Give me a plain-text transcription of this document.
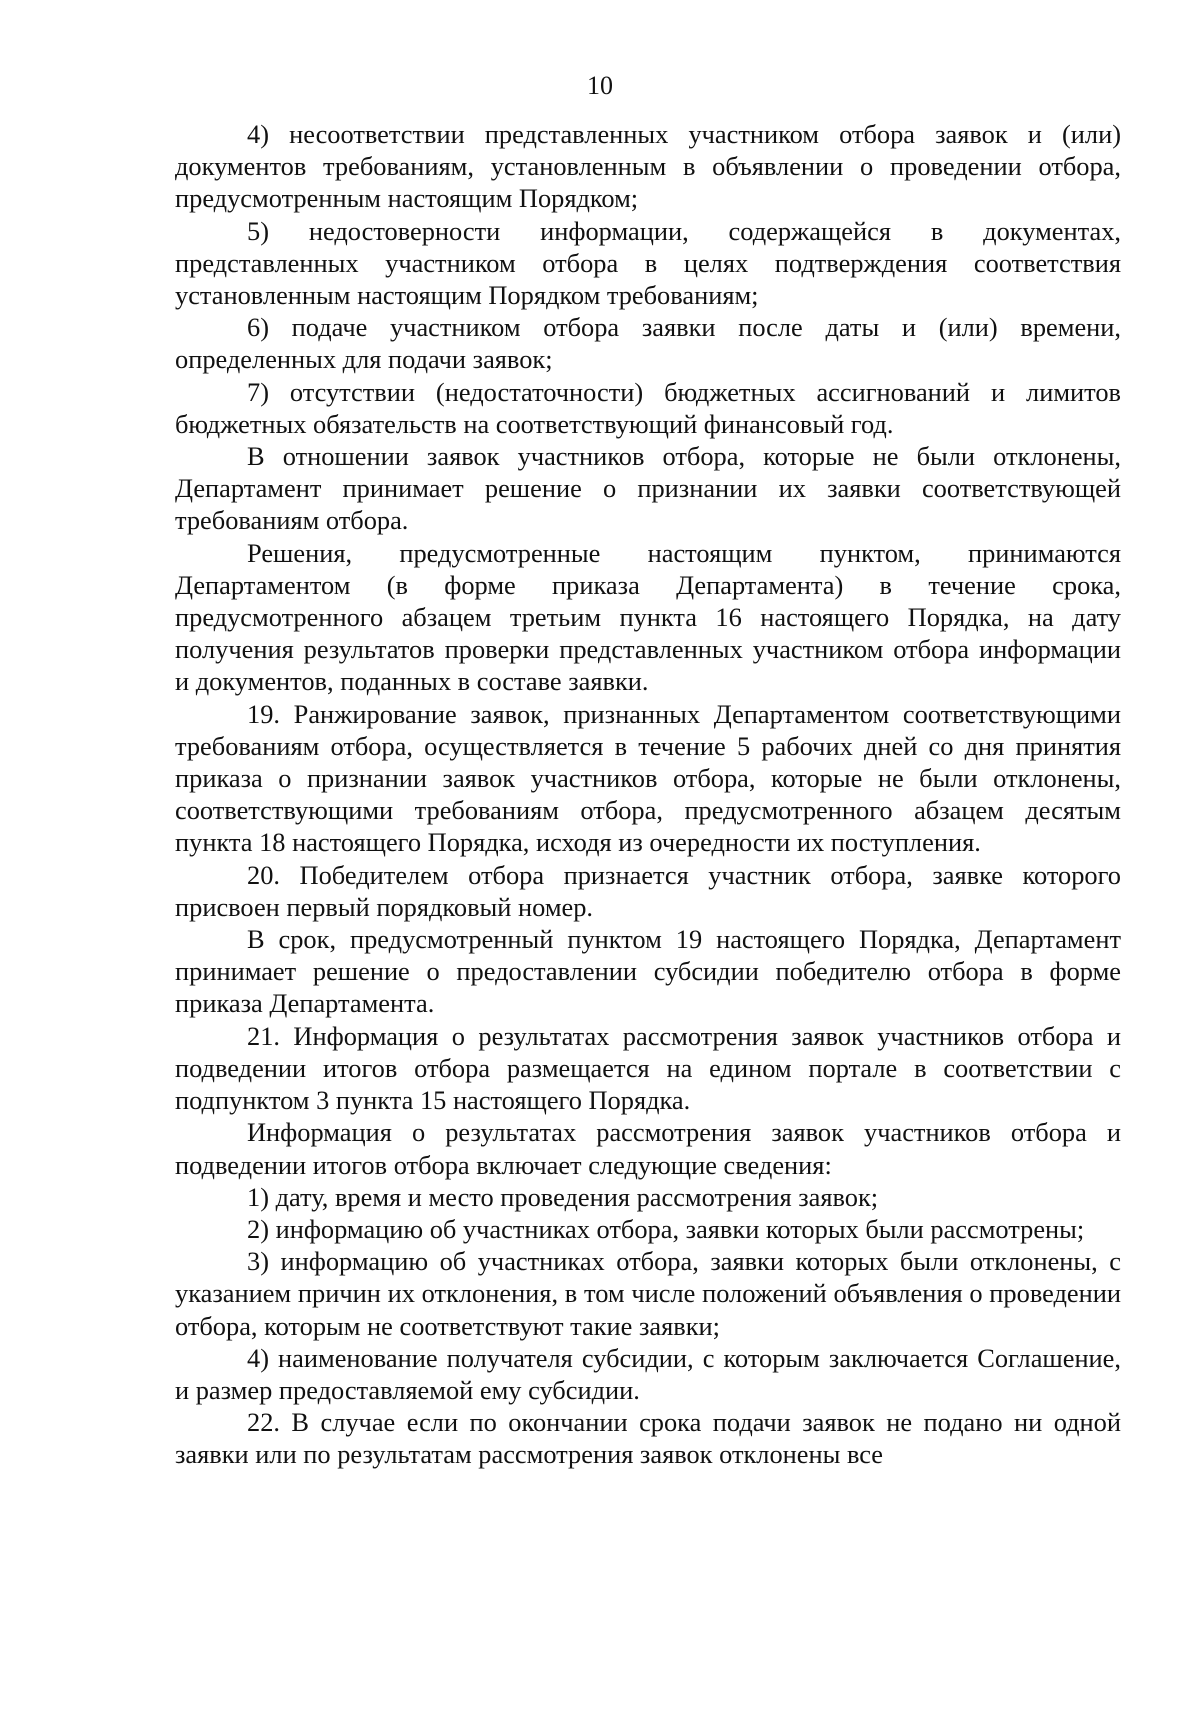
10

4) несоответствии представленных участником отбора заявок и (или) документов требованиям, установленным в объявлении о проведении отбора, предусмотренным настоящим Порядком;

5) недостоверности информации, содержащейся в документах, представленных участником отбора в целях подтверждения соответствия установленным настоящим Порядком требованиям;

6) подаче участником отбора заявки после даты и (или) времени, определенных для подачи заявок;

7) отсутствии (недостаточности) бюджетных ассигнований и лимитов бюджетных обязательств на соответствующий финансовый год.

В отношении заявок участников отбора, которые не были отклонены, Департамент принимает решение о признании их заявки соответствующей требованиям отбора.

Решения, предусмотренные настоящим пунктом, принимаются Департаментом (в форме приказа Департамента) в течение срока, предусмотренного абзацем третьим пункта 16 настоящего Порядка, на дату получения результатов проверки представленных участником отбора информации и документов, поданных в составе заявки.

19. Ранжирование заявок, признанных Департаментом соответствующими требованиям отбора, осуществляется в течение 5 рабочих дней со дня принятия приказа о признании заявок участников отбора, которые не были отклонены, соответствующими требованиям отбора, предусмотренного абзацем десятым пункта 18 настоящего Порядка, исходя из очередности их поступления.

20. Победителем отбора признается участник отбора, заявке которого присвоен первый порядковый номер.

В срок, предусмотренный пунктом 19 настоящего Порядка, Департамент принимает решение о предоставлении субсидии победителю отбора в форме приказа Департамента.

21. Информация о результатах рассмотрения заявок участников отбора и подведении итогов отбора размещается на едином портале в соответствии с подпунктом 3 пункта 15 настоящего Порядка.

Информация о результатах рассмотрения заявок участников отбора и подведении итогов отбора включает следующие сведения:

1) дату, время и место проведения рассмотрения заявок;

2) информацию об участниках отбора, заявки которых были рассмотрены;

3) информацию об участниках отбора, заявки которых были отклонены, с указанием причин их отклонения, в том числе положений объявления о проведении отбора, которым не соответствуют такие заявки;

4) наименование получателя субсидии, с которым заключается Соглашение, и размер предоставляемой ему субсидии.

22. В случае если по окончании срока подачи заявок не подано ни одной заявки или по результатам рассмотрения заявок отклонены все
